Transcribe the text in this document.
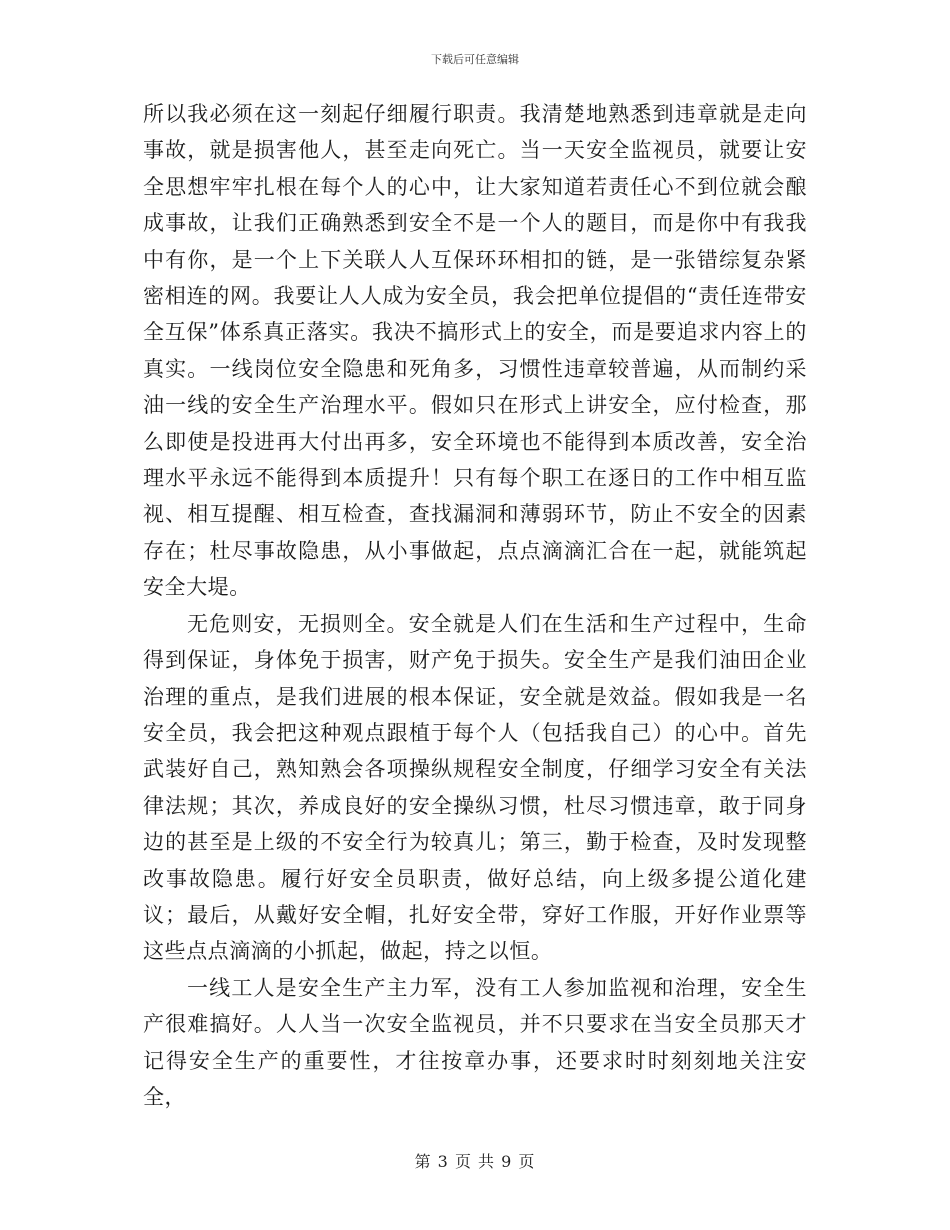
下载后可任意编辑

所以我必须在这一刻起仔细履行职责。我清楚地熟悉到违章就是走向事故，就是损害他人，甚至走向死亡。当一天安全监视员，就要让安全思想牢牢扎根在每个人的心中，让大家知道若责任心不到位就会酿成事故，让我们正确熟悉到安全不是一个人的题目，而是你中有我我中有你，是一个上下关联人人互保环环相扣的链，是一张错综复杂紧密相连的网。我要让人人成为安全员，我会把单位提倡的“责任连带安全互保”体系真正落实。我决不搞形式上的安全，而是要追求内容上的真实。一线岗位安全隐患和死角多，习惯性违章较普遍，从而制约采油一线的安全生产治理水平。假如只在形式上讲安全，应付检查，那么即使是投进再大付出再多，安全环境也不能得到本质改善，安全治理水平永远不能得到本质提升！只有每个职工在逐日的工作中相互监视、相互提醒、相互检查，查找漏洞和薄弱环节，防止不安全的因素存在；杜尽事故隐患，从小事做起，点点滴滴汇合在一起，就能筑起安全大堤。

无危则安，无损则全。安全就是人们在生活和生产过程中，生命得到保证，身体免于损害，财产免于损失。安全生产是我们油田企业治理的重点，是我们进展的根本保证，安全就是效益。假如我是一名安全员，我会把这种观点跟植于每个人（包括我自己）的心中。首先武装好自己，熟知熟会各项操纵规程安全制度，仔细学习安全有关法律法规；其次，养成良好的安全操纵习惯，杜尽习惯违章，敢于同身边的甚至是上级的不安全行为较真儿；第三，勤于检查，及时发现整改事故隐患。履行好安全员职责，做好总结，向上级多提公道化建议；最后，从戴好安全帽，扎好安全带，穿好工作服，开好作业票等这些点点滴滴的小抓起，做起，持之以恒。

一线工人是安全生产主力军，没有工人参加监视和治理，安全生产很难搞好。人人当一次安全监视员，并不只要求在当安全员那天才记得安全生产的重要性，才往按章办事，还要求时时刻刻地关注安全，

第 3 页 共 9 页
